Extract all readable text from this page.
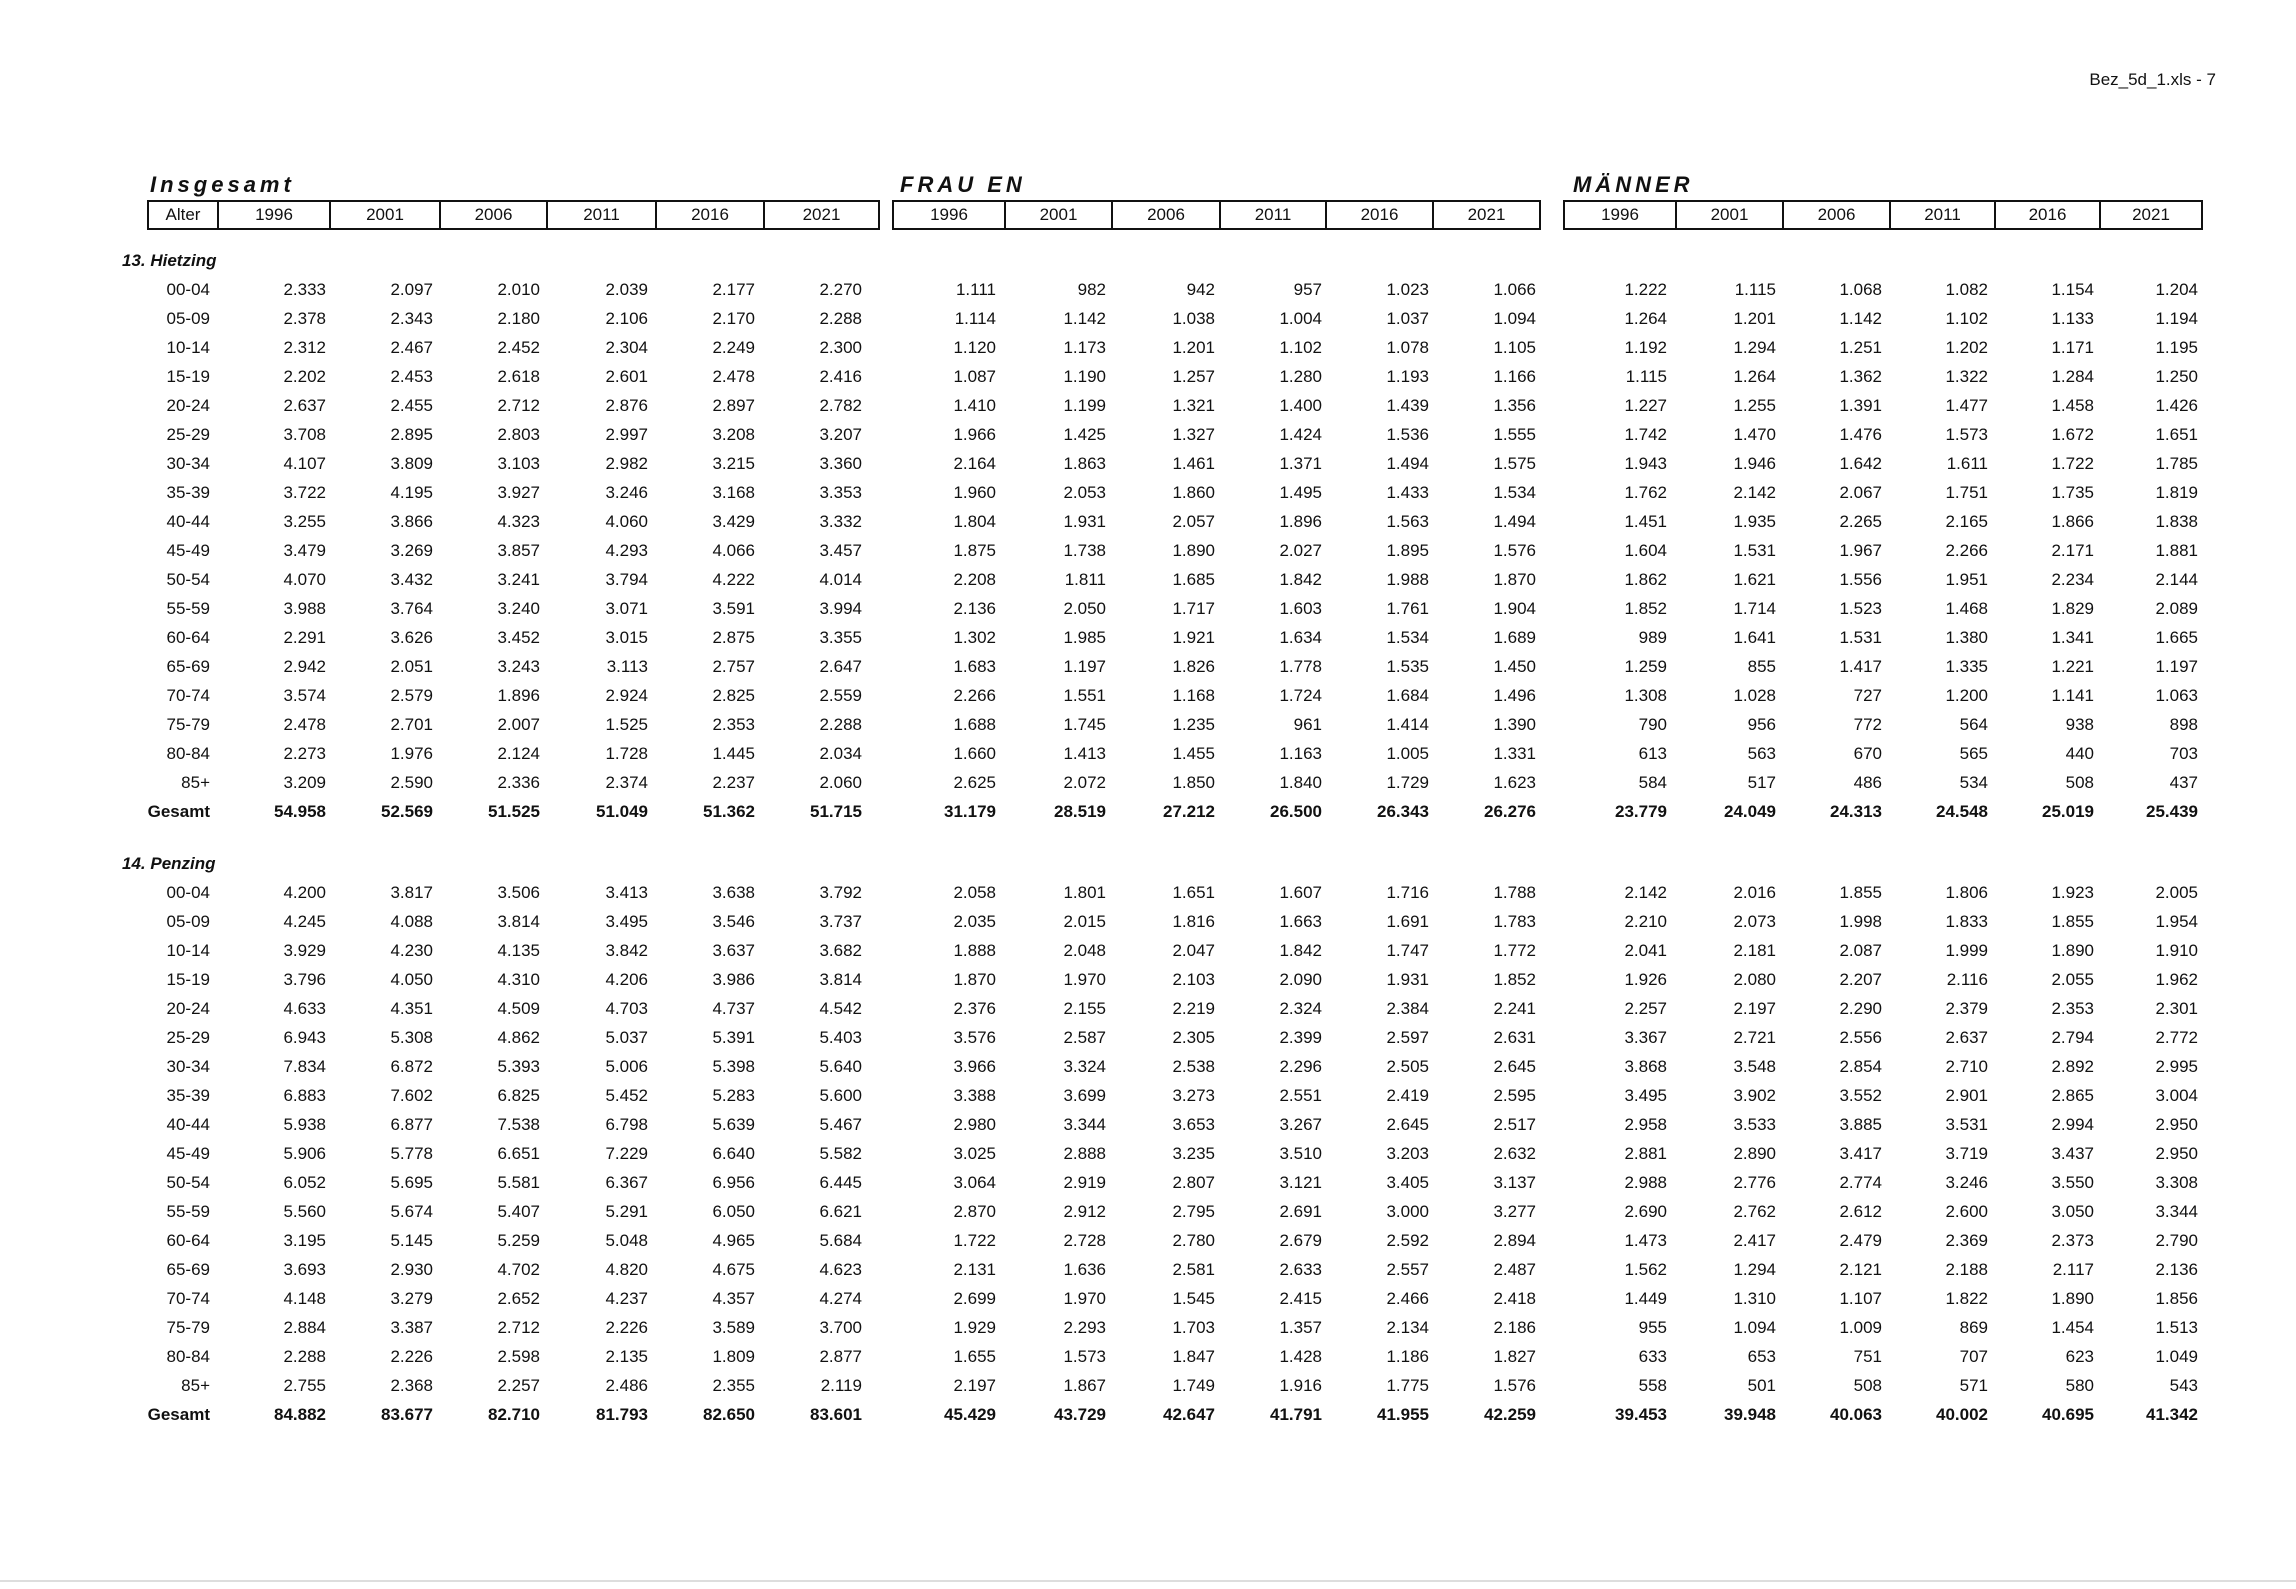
Bez_5d_1.xls - 7
Insgesamt	FRAU EN	MÄNNER
Alter	1996	2001	2006	2011	2016	2021	1996	2001	2006	2011	2016	2021	1996	2001	2006	2011	2016	2021
13. Hietzing
00-04	2.333	2.097	2.010	2.039	2.177	2.270	1.111	982	942	957	1.023	1.066	1.222	1.115	1.068	1.082	1.154	1.204
05-09	2.378	2.343	2.180	2.106	2.170	2.288	1.114	1.142	1.038	1.004	1.037	1.094	1.264	1.201	1.142	1.102	1.133	1.194
10-14	2.312	2.467	2.452	2.304	2.249	2.300	1.120	1.173	1.201	1.102	1.078	1.105	1.192	1.294	1.251	1.202	1.171	1.195
15-19	2.202	2.453	2.618	2.601	2.478	2.416	1.087	1.190	1.257	1.280	1.193	1.166	1.115	1.264	1.362	1.322	1.284	1.250
20-24	2.637	2.455	2.712	2.876	2.897	2.782	1.410	1.199	1.321	1.400	1.439	1.356	1.227	1.255	1.391	1.477	1.458	1.426
25-29	3.708	2.895	2.803	2.997	3.208	3.207	1.966	1.425	1.327	1.424	1.536	1.555	1.742	1.470	1.476	1.573	1.672	1.651
30-34	4.107	3.809	3.103	2.982	3.215	3.360	2.164	1.863	1.461	1.371	1.494	1.575	1.943	1.946	1.642	1.611	1.722	1.785
35-39	3.722	4.195	3.927	3.246	3.168	3.353	1.960	2.053	1.860	1.495	1.433	1.534	1.762	2.142	2.067	1.751	1.735	1.819
40-44	3.255	3.866	4.323	4.060	3.429	3.332	1.804	1.931	2.057	1.896	1.563	1.494	1.451	1.935	2.265	2.165	1.866	1.838
45-49	3.479	3.269	3.857	4.293	4.066	3.457	1.875	1.738	1.890	2.027	1.895	1.576	1.604	1.531	1.967	2.266	2.171	1.881
50-54	4.070	3.432	3.241	3.794	4.222	4.014	2.208	1.811	1.685	1.842	1.988	1.870	1.862	1.621	1.556	1.951	2.234	2.144
55-59	3.988	3.764	3.240	3.071	3.591	3.994	2.136	2.050	1.717	1.603	1.761	1.904	1.852	1.714	1.523	1.468	1.829	2.089
60-64	2.291	3.626	3.452	3.015	2.875	3.355	1.302	1.985	1.921	1.634	1.534	1.689	989	1.641	1.531	1.380	1.341	1.665
65-69	2.942	2.051	3.243	3.113	2.757	2.647	1.683	1.197	1.826	1.778	1.535	1.450	1.259	855	1.417	1.335	1.221	1.197
70-74	3.574	2.579	1.896	2.924	2.825	2.559	2.266	1.551	1.168	1.724	1.684	1.496	1.308	1.028	727	1.200	1.141	1.063
75-79	2.478	2.701	2.007	1.525	2.353	2.288	1.688	1.745	1.235	961	1.414	1.390	790	956	772	564	938	898
80-84	2.273	1.976	2.124	1.728	1.445	2.034	1.660	1.413	1.455	1.163	1.005	1.331	613	563	670	565	440	703
85+	3.209	2.590	2.336	2.374	2.237	2.060	2.625	2.072	1.850	1.840	1.729	1.623	584	517	486	534	508	437
Gesamt	54.958	52.569	51.525	51.049	51.362	51.715	31.179	28.519	27.212	26.500	26.343	26.276	23.779	24.049	24.313	24.548	25.019	25.439
14. Penzing
00-04	4.200	3.817	3.506	3.413	3.638	3.792	2.058	1.801	1.651	1.607	1.716	1.788	2.142	2.016	1.855	1.806	1.923	2.005
05-09	4.245	4.088	3.814	3.495	3.546	3.737	2.035	2.015	1.816	1.663	1.691	1.783	2.210	2.073	1.998	1.833	1.855	1.954
10-14	3.929	4.230	4.135	3.842	3.637	3.682	1.888	2.048	2.047	1.842	1.747	1.772	2.041	2.181	2.087	1.999	1.890	1.910
15-19	3.796	4.050	4.310	4.206	3.986	3.814	1.870	1.970	2.103	2.090	1.931	1.852	1.926	2.080	2.207	2.116	2.055	1.962
20-24	4.633	4.351	4.509	4.703	4.737	4.542	2.376	2.155	2.219	2.324	2.384	2.241	2.257	2.197	2.290	2.379	2.353	2.301
25-29	6.943	5.308	4.862	5.037	5.391	5.403	3.576	2.587	2.305	2.399	2.597	2.631	3.367	2.721	2.556	2.637	2.794	2.772
30-34	7.834	6.872	5.393	5.006	5.398	5.640	3.966	3.324	2.538	2.296	2.505	2.645	3.868	3.548	2.854	2.710	2.892	2.995
35-39	6.883	7.602	6.825	5.452	5.283	5.600	3.388	3.699	3.273	2.551	2.419	2.595	3.495	3.902	3.552	2.901	2.865	3.004
40-44	5.938	6.877	7.538	6.798	5.639	5.467	2.980	3.344	3.653	3.267	2.645	2.517	2.958	3.533	3.885	3.531	2.994	2.950
45-49	5.906	5.778	6.651	7.229	6.640	5.582	3.025	2.888	3.235	3.510	3.203	2.632	2.881	2.890	3.417	3.719	3.437	2.950
50-54	6.052	5.695	5.581	6.367	6.956	6.445	3.064	2.919	2.807	3.121	3.405	3.137	2.988	2.776	2.774	3.246	3.550	3.308
55-59	5.560	5.674	5.407	5.291	6.050	6.621	2.870	2.912	2.795	2.691	3.000	3.277	2.690	2.762	2.612	2.600	3.050	3.344
60-64	3.195	5.145	5.259	5.048	4.965	5.684	1.722	2.728	2.780	2.679	2.592	2.894	1.473	2.417	2.479	2.369	2.373	2.790
65-69	3.693	2.930	4.702	4.820	4.675	4.623	2.131	1.636	2.581	2.633	2.557	2.487	1.562	1.294	2.121	2.188	2.117	2.136
70-74	4.148	3.279	2.652	4.237	4.357	4.274	2.699	1.970	1.545	2.415	2.466	2.418	1.449	1.310	1.107	1.822	1.890	1.856
75-79	2.884	3.387	2.712	2.226	3.589	3.700	1.929	2.293	1.703	1.357	2.134	2.186	955	1.094	1.009	869	1.454	1.513
80-84	2.288	2.226	2.598	2.135	1.809	2.877	1.655	1.573	1.847	1.428	1.186	1.827	633	653	751	707	623	1.049
85+	2.755	2.368	2.257	2.486	2.355	2.119	2.197	1.867	1.749	1.916	1.775	1.576	558	501	508	571	580	543
Gesamt	84.882	83.677	82.710	81.793	82.650	83.601	45.429	43.729	42.647	41.791	41.955	42.259	39.453	39.948	40.063	40.002	40.695	41.342
